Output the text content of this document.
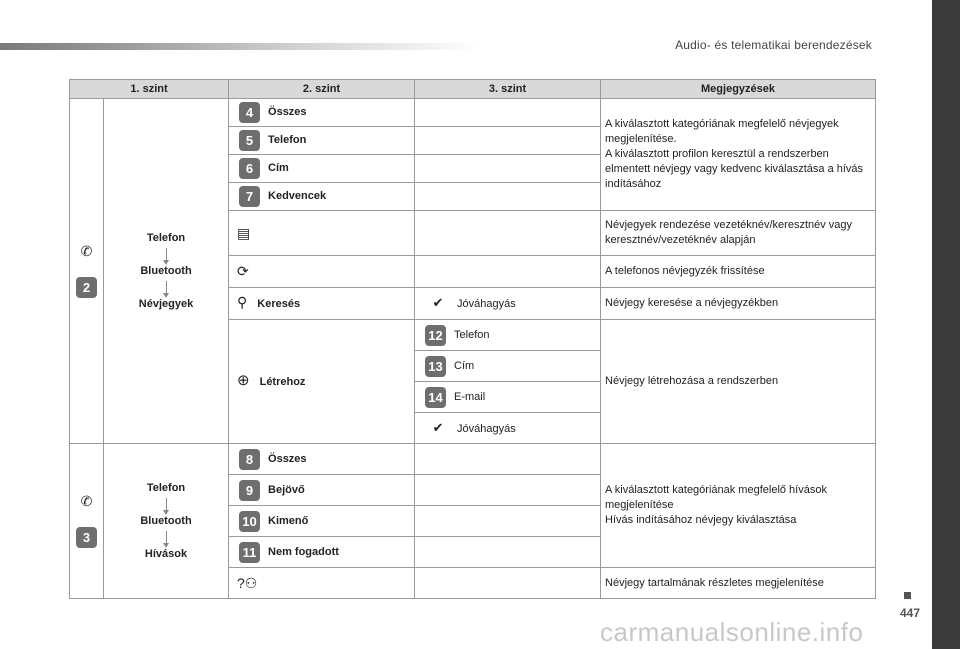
Audio- és telematikai berendezések
1. szint		2. szint	3. szint	Megjegyzések

✆
2	Telefon
Bluetooth
Névjegyek	4 Összes		A kiválasztott kategóriának megfelelő névjegyek megjelenítése.
A kiválasztott profilon keresztül a rendszerben elmentett névjegy vagy kedvenc kiválasztása a hívás indításához

		5 Telefon		

		6 Cím		

		7 Kedvencek		

		▤		Névjegyek rendezése vezetéknév/keresztnév vagy keresztnév/vezetéknév alapján
		⟳		A telefonos névjegyzék frissítése
		⚲ Keresés	✔ Jóváhagyás	Névjegy keresése a névjegyzékben
		⊕ Létrehoz	12 Telefon	Névjegy létrehozása a rendszerben

			13 Cím	

			14 E-mail	

			✔ Jóváhagyás	

✆
3	Telefon
Bluetooth
Hívások	8 Összes		A kiválasztott kategóriának megfelelő hívások megjelenítése
Hívás indításához névjegy kiválasztása

		9 Bejövő		

		10 Kimenő		

		11 Nem fogadott		

		?⚇		Névjegy tartalmának részletes megjelenítése
447
carmanualsonline.info
